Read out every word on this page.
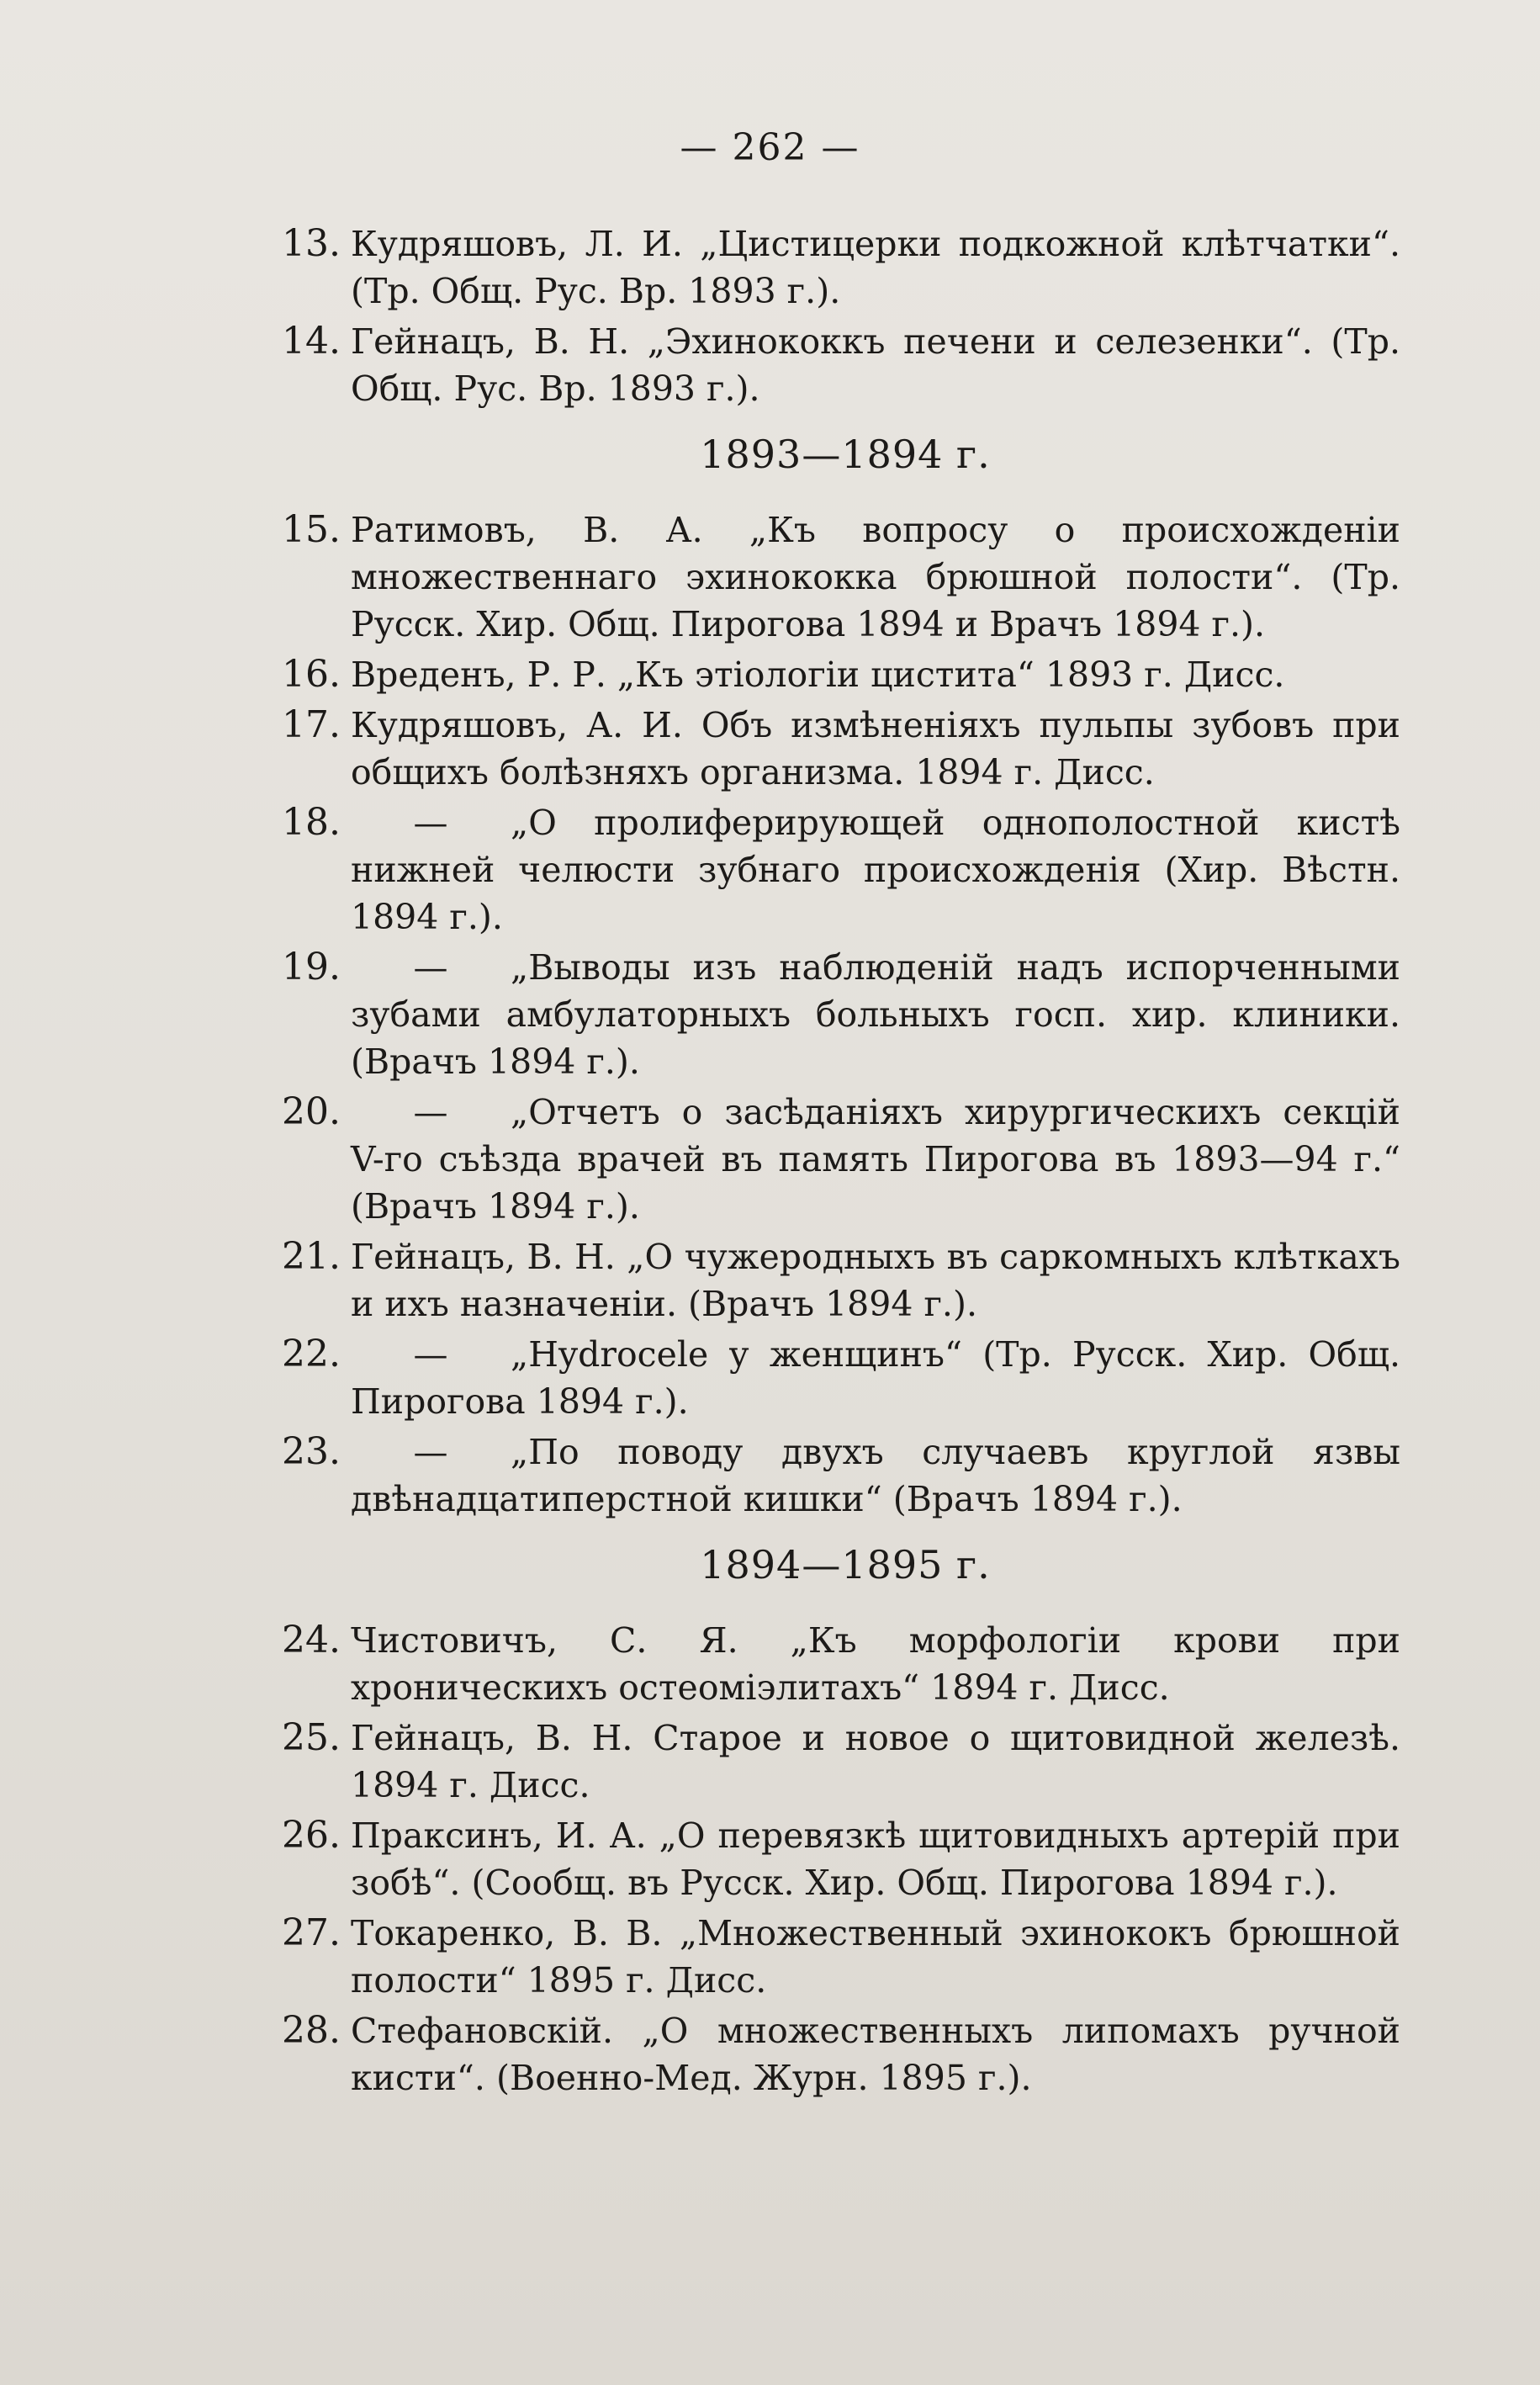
— 262 —
13. Кудряшовъ, Л. И. „Цистицерки подкожной клѣтчатки“. (Тр. Общ. Рус. Вр. 1893 г.).
14. Гейнацъ, В. Н. „Эхинококкъ печени и селезенки“. (Тр. Общ. Рус. Вр. 1893 г.).
1893—1894 г.
15. Ратимовъ, В. А. „Къ вопросу о происхожденіи множественнаго эхинококка брюшной полости“. (Тр. Русск. Хир. Общ. Пирогова 1894 и Врачъ 1894 г.).
16. Вреденъ, Р. Р. „Къ этіологіи цистита“ 1893 г. Дисс.
17. Кудряшовъ, А. И. Объ измѣненіяхъ пульпы зубовъ при общихъ болѣзняхъ организма. 1894 г. Дисс.
18.	— „О пролиферирующей однополостной кистѣ нижней челюсти зубнаго происхожденія (Хир. Вѣстн. 1894 г.).
19.	— „Выводы изъ наблюденій надъ испорченными зубами амбулаторныхъ больныхъ госп. хир. клиники. (Врачъ 1894 г.).
20.	— „Отчетъ о засѣданіяхъ хирургическихъ секцій V-го съѣзда врачей въ память Пирогова въ 1893—94 г.“ (Врачъ 1894 г.).
21. Гейнацъ, В. Н. „О чужеродныхъ въ саркомныхъ клѣткахъ и ихъ назначеніи. (Врачъ 1894 г.).
22.	— „Hydrocele у женщинъ“ (Тр. Русск. Хир. Общ. Пирогова 1894 г.).
23.	— „По поводу двухъ случаевъ круглой язвы двѣнадцатиперстной кишки“ (Врачъ 1894 г.).
1894—1895 г.
24. Чистовичъ, С. Я. „Къ морфологіи крови при хроническихъ остеоміэлитахъ“ 1894 г. Дисс.
25. Гейнацъ, В. Н. Старое и новое о щитовидной железѣ. 1894 г. Дисс.
26. Праксинъ, И. А. „О перевязкѣ щитовидныхъ артерій при зобѣ“. (Сообщ. въ Русск. Хир. Общ. Пирогова 1894 г.).
27. Токаренко, В. В. „Множественный эхинококъ брюшной полости“ 1895 г. Дисс.
28. Стефановскій. „О множественныхъ липомахъ ручной кисти“. (Военно-Мед. Журн. 1895 г.).
